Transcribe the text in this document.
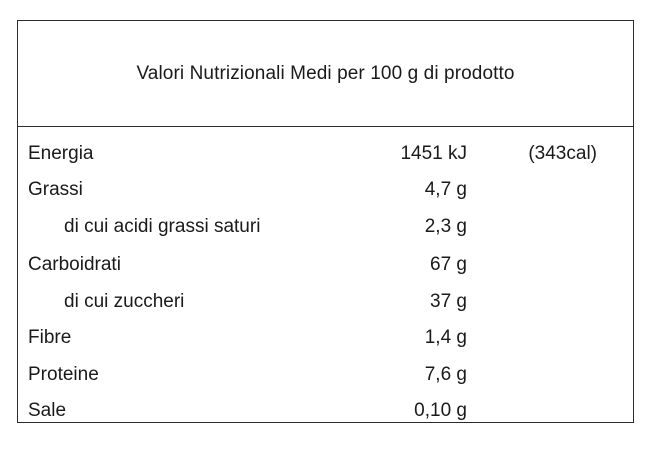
Valori Nutrizionali Medi per 100 g di prodotto
Energia	1451 kJ	(343cal)
Grassi	4,7 g
di cui acidi grassi saturi	2,3 g
Carboidrati	67 g
di cui zuccheri	37 g
Fibre	1,4 g
Proteine	7,6 g
Sale	0,10 g
